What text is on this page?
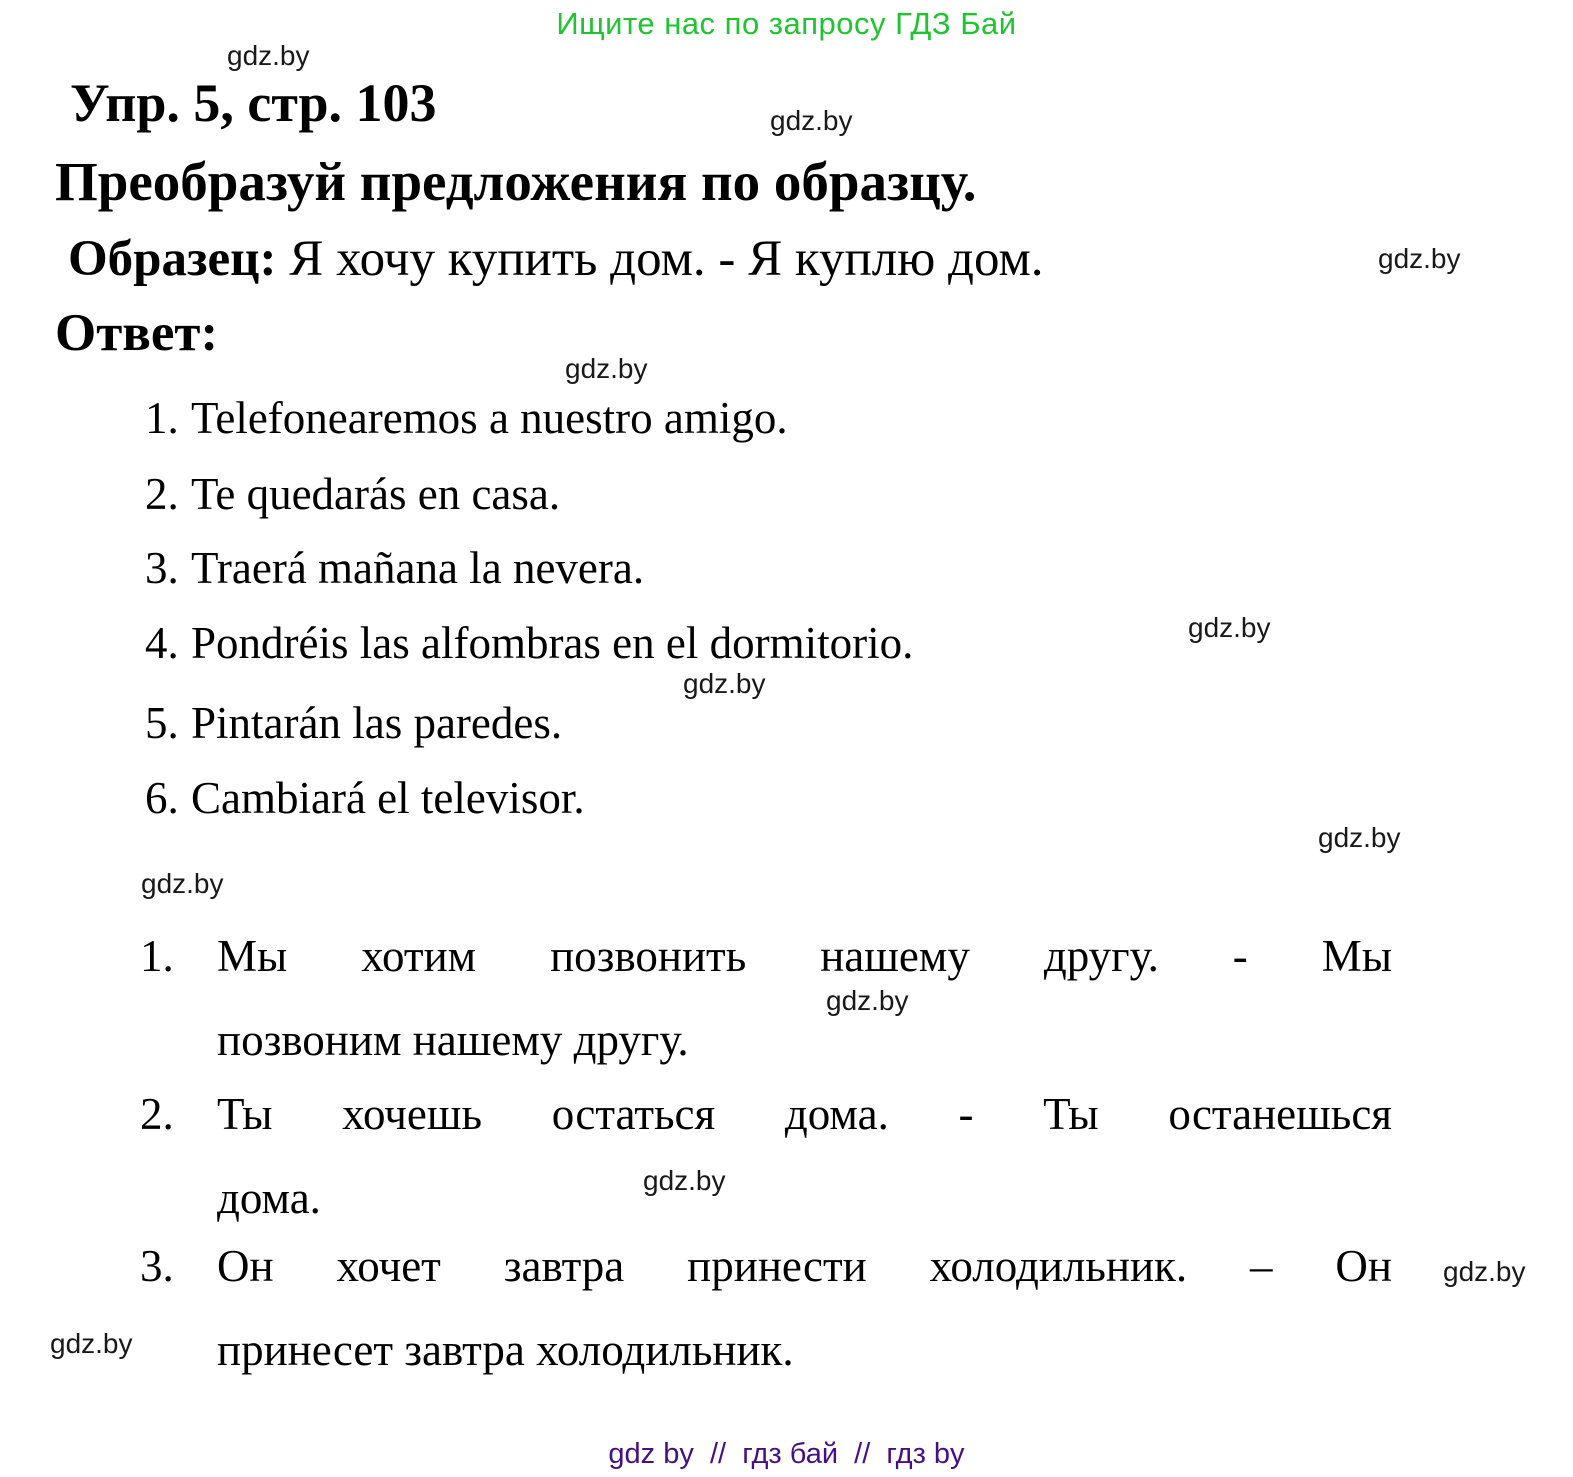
Ищите нас по запросу ГДЗ Бай
gdz.by
gdz.by
gdz.by
gdz.by
gdz.by
gdz.by
gdz.by
gdz.by
gdz.by
gdz.by
gdz.by
gdz.by
Упр. 5, стр. 103
Преобразуй предложения по образцу.
Образец: Я хочу купить дом. - Я куплю дом.
Ответ:
1. Telefonearemos a nuestro amigo.
2. Te quedarás en casa.
3. Traerá mañana la nevera.
4. Pondréis las alfombras en el dormitorio.
5. Pintarán las paredes.
6. Cambiará el televisor.
1. Мы хотим позвонить нашему другу. - Мы
позвоним нашему другу.
2. Ты хочешь остаться дома. - Ты останешься
дома.
3. Он хочет завтра принести холодильник. – Он
принесет завтра холодильник.
gdz by  //  гдз бай  //  гдз by
